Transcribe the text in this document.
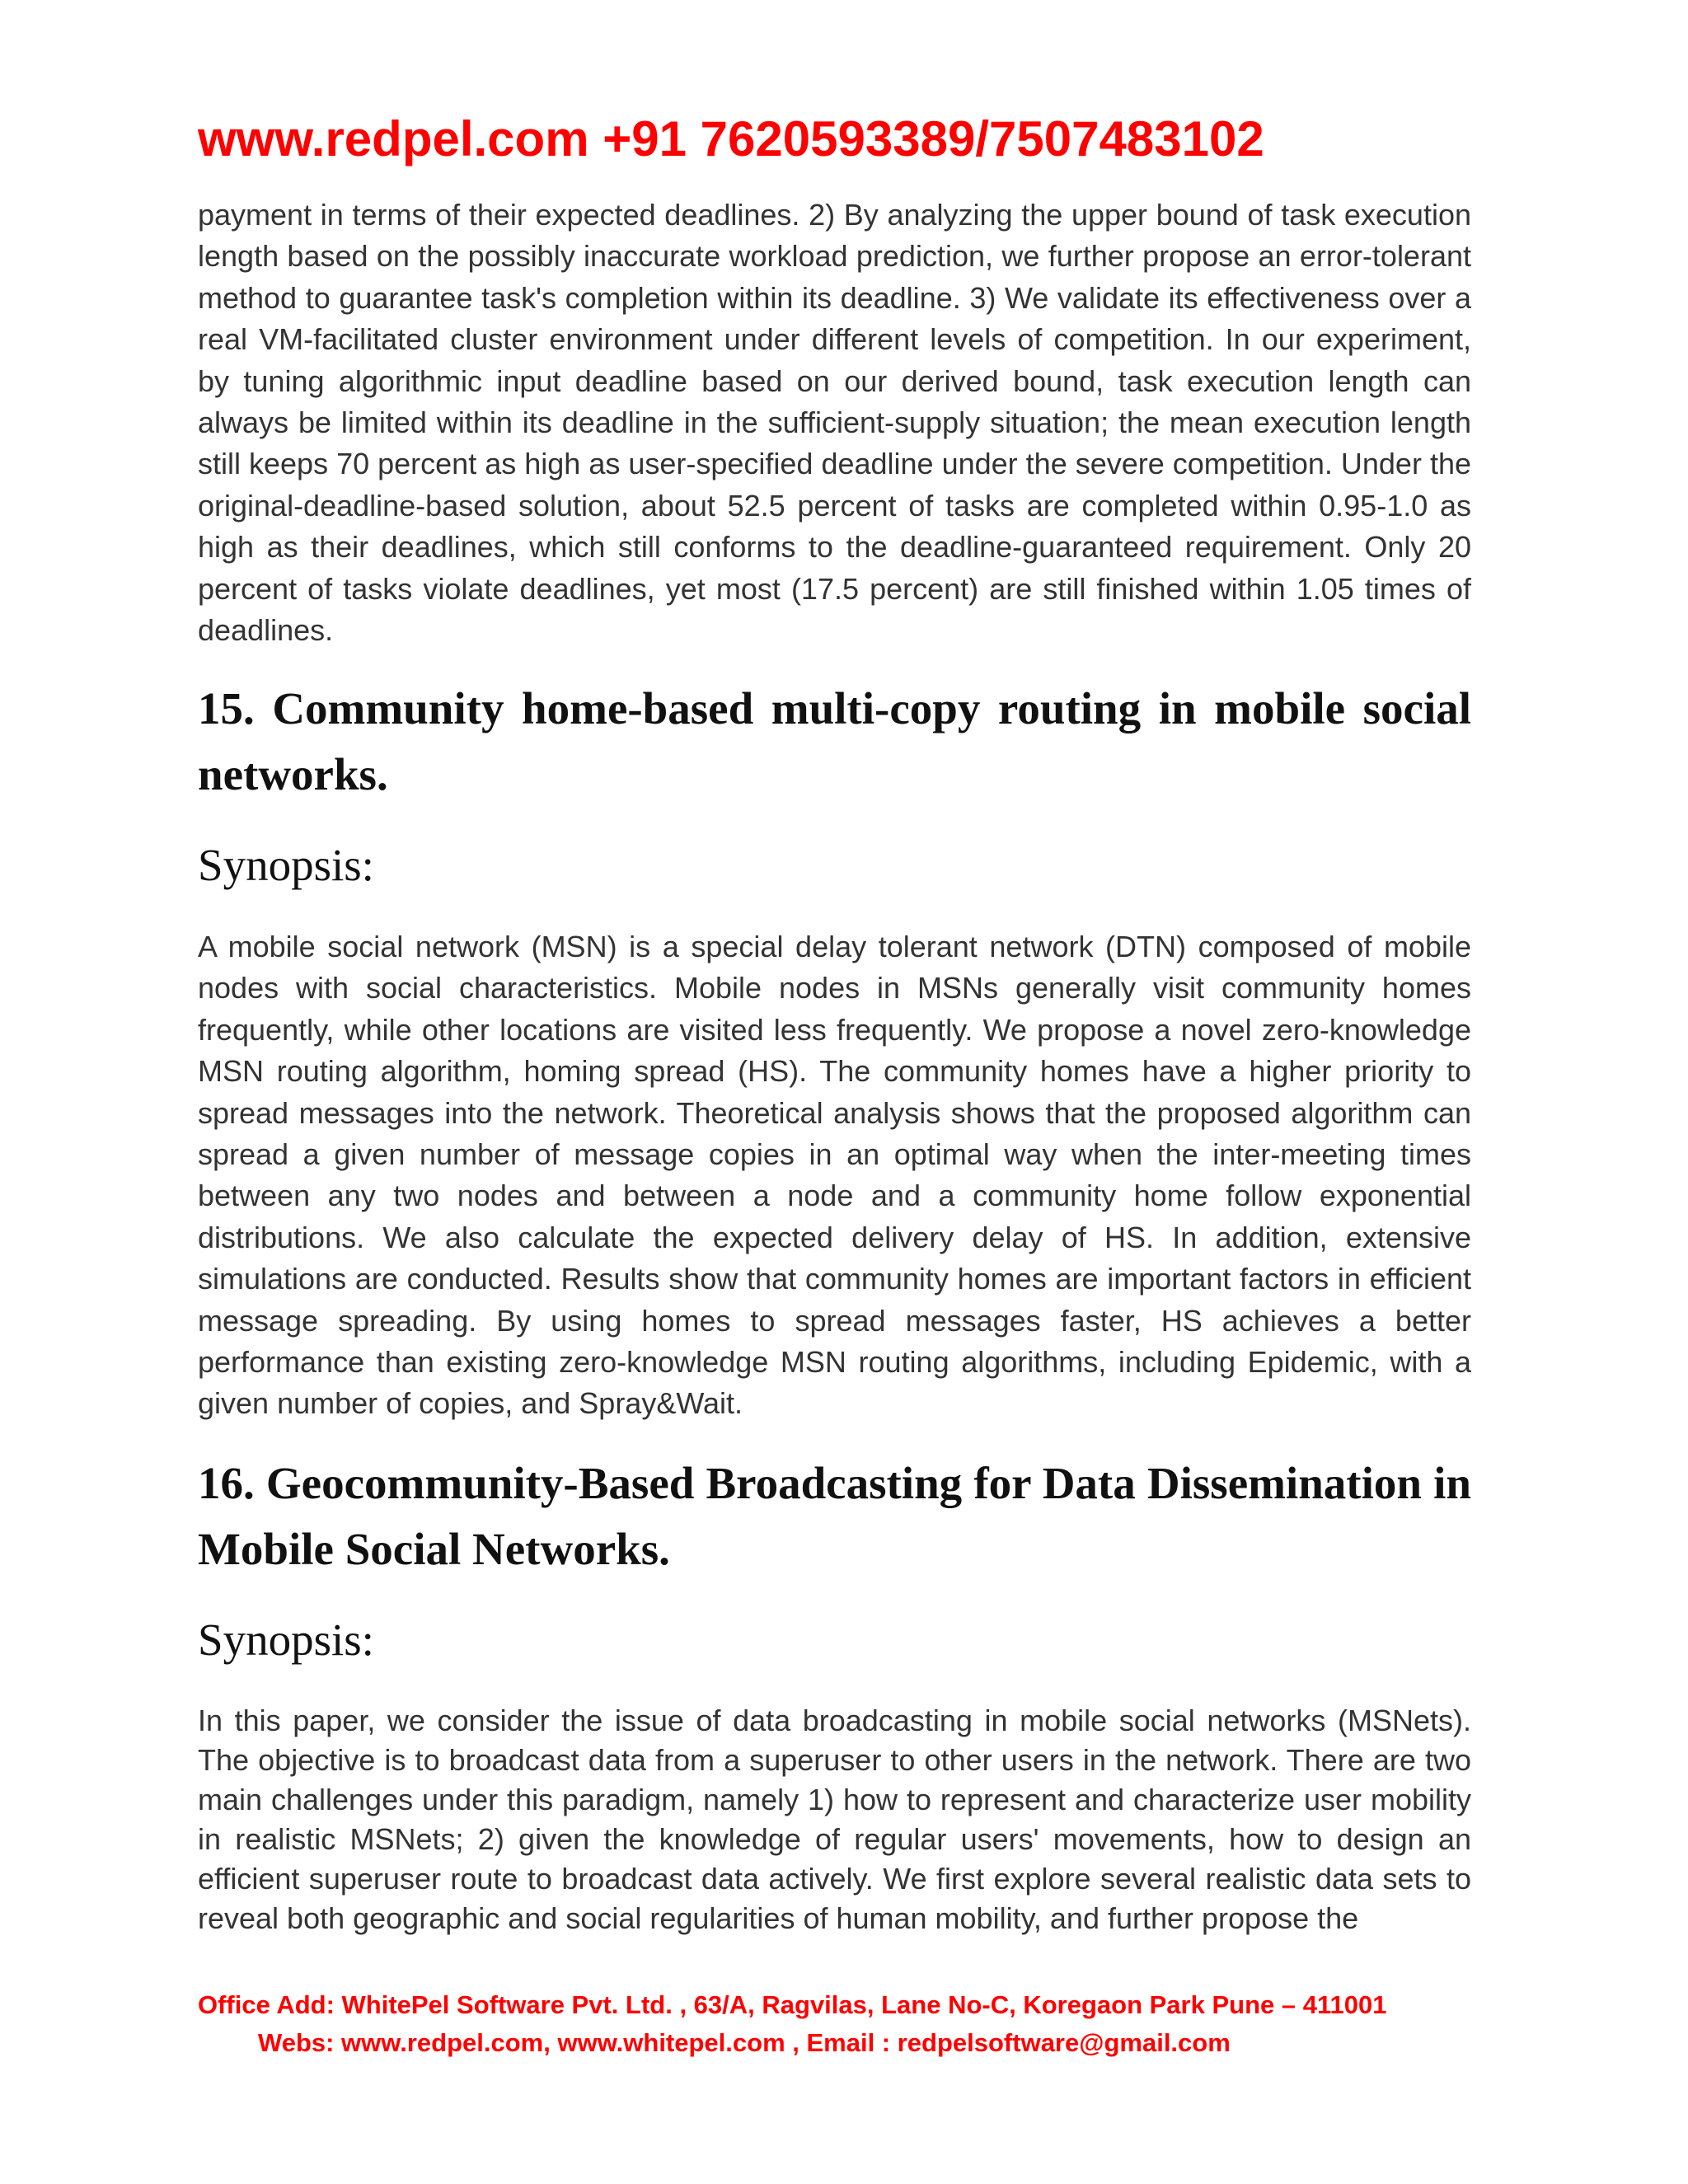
www.redpel.com +91 7620593389/7507483102

payment in terms of their expected deadlines. 2) By analyzing the upper bound of task execution length based on the possibly inaccurate workload prediction, we further propose an error-tolerant method to guarantee task's completion within its deadline. 3) We validate its effectiveness over a real VM-facilitated cluster environment under different levels of competition. In our experiment, by tuning algorithmic input deadline based on our derived bound, task execution length can always be limited within its deadline in the sufficient-supply situation; the mean execution length still keeps 70 percent as high as user-specified deadline under the severe competition. Under the original-deadline-based solution, about 52.5 percent of tasks are completed within 0.95-1.0 as high as their deadlines, which still conforms to the deadline-guaranteed requirement. Only 20 percent of tasks violate deadlines, yet most (17.5 percent) are still finished within 1.05 times of deadlines.

15. Community home-based multi-copy routing in mobile social networks.
Synopsis:

A mobile social network (MSN) is a special delay tolerant network (DTN) composed of mobile nodes with social characteristics. Mobile nodes in MSNs generally visit community homes frequently, while other locations are visited less frequently. We propose a novel zero-knowledge MSN routing algorithm, homing spread (HS). The community homes have a higher priority to spread messages into the network. Theoretical analysis shows that the proposed algorithm can spread a given number of message copies in an optimal way when the inter-meeting times between any two nodes and between a node and a community home follow exponential distributions. We also calculate the expected delivery delay of HS. In addition, extensive simulations are conducted. Results show that community homes are important factors in efficient message spreading. By using homes to spread messages faster, HS achieves a better performance than existing zero-knowledge MSN routing algorithms, including Epidemic, with a given number of copies, and Spray&Wait.

16. Geocommunity-Based Broadcasting for Data Dissemination in Mobile Social Networks.
Synopsis:

In this paper, we consider the issue of data broadcasting in mobile social networks (MSNets). The objective is to broadcast data from a superuser to other users in the network. There are two main challenges under this paradigm, namely 1) how to represent and characterize user mobility in realistic MSNets; 2) given the knowledge of regular users' movements, how to design an efficient superuser route to broadcast data actively. We first explore several realistic data sets to reveal both geographic and social regularities of human mobility, and further propose the

Office Add: WhitePel Software Pvt. Ltd. , 63/A, Ragvilas, Lane No-C, Koregaon Park Pune – 411001
Webs: www.redpel.com, www.whitepel.com , Email : redpelsoftware@gmail.com
